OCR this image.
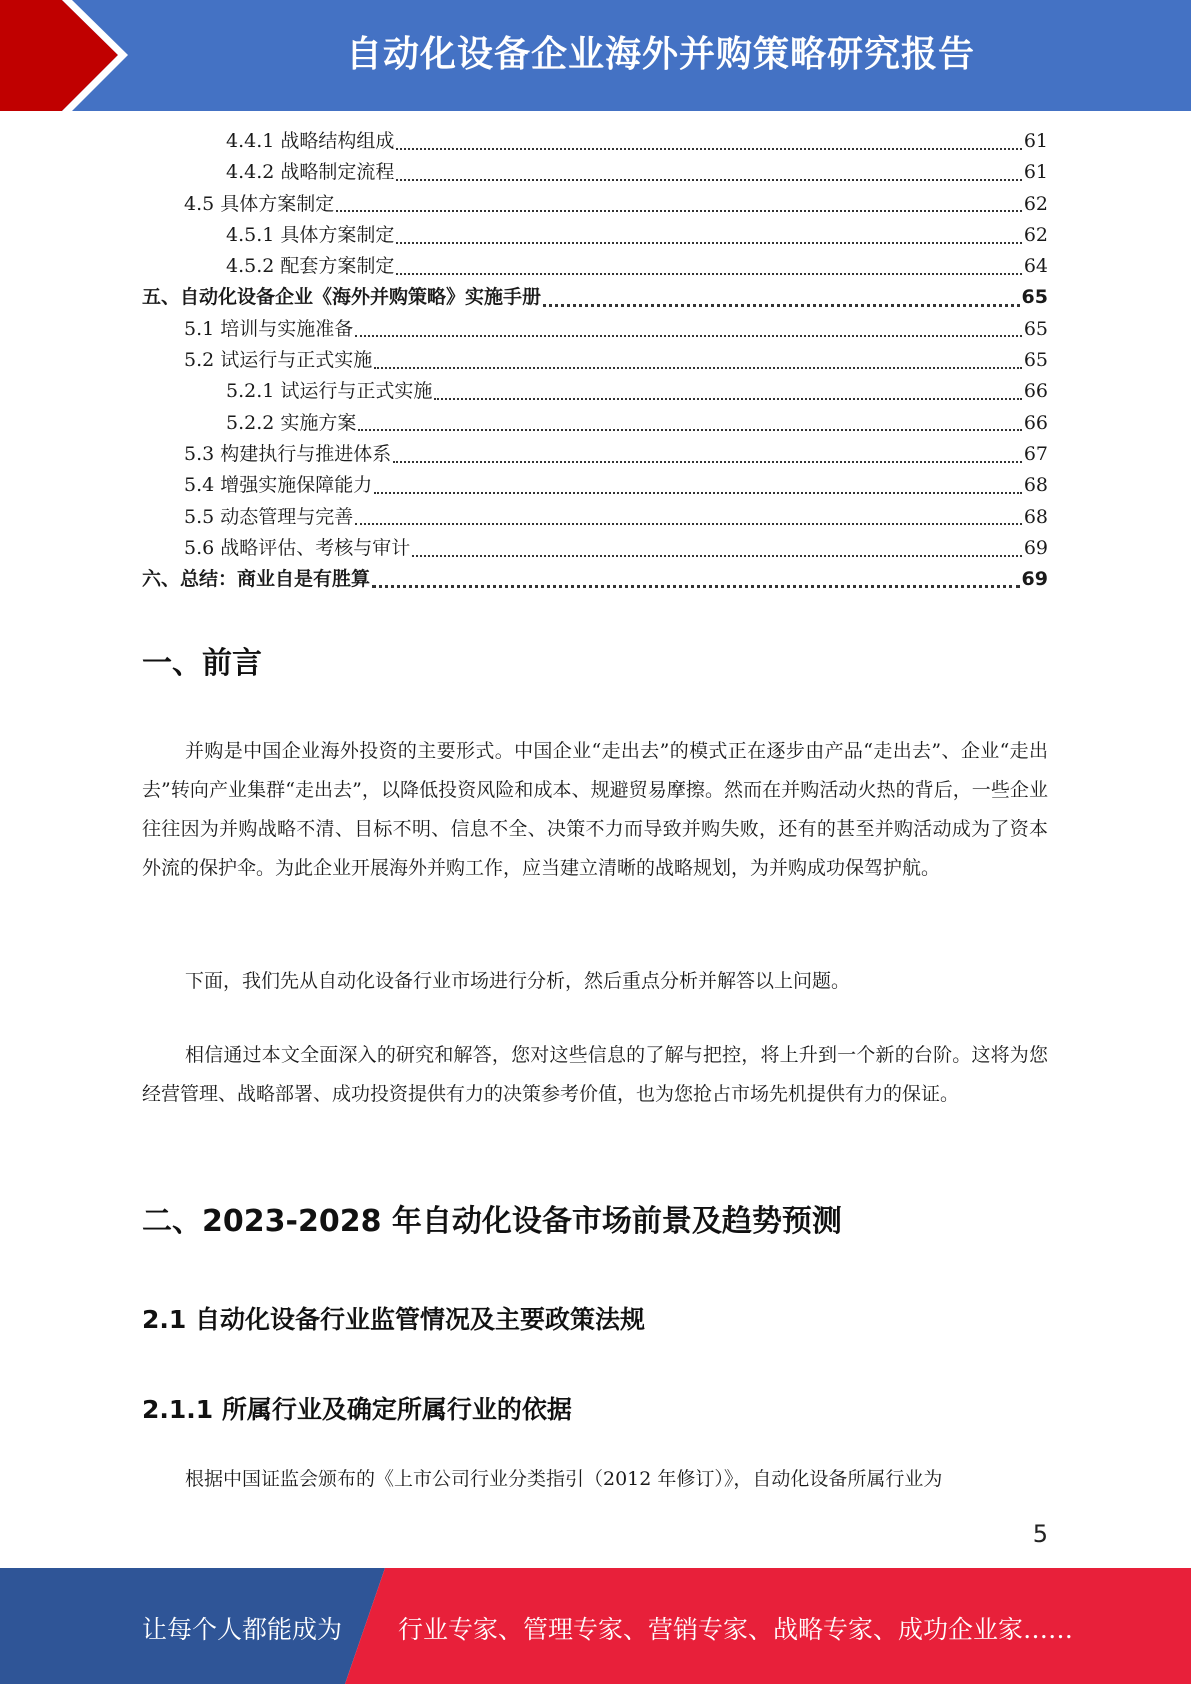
自动化设备企业海外并购策略研究报告
4.4.1 战略结构组成	61
4.4.2 战略制定流程	61
4.5 具体方案制定	62
4.5.1 具体方案制定	62
4.5.2 配套方案制定	64
五、自动化设备企业《海外并购策略》实施手册	65
5.1 培训与实施准备	65
5.2 试运行与正式实施	65
5.2.1 试运行与正式实施	66
5.2.2 实施方案	66
5.3 构建执行与推进体系	67
5.4 增强实施保障能力	68
5.5 动态管理与完善	68
5.6 战略评估、考核与审计	69
六、总结：商业自是有胜算	69
一、前言
并购是中国企业海外投资的主要形式。中国企业“走出去”的模式正在逐步由产品“走出去”、企业“走出去”转向产业集群“走出去”，以降低投资风险和成本、规避贸易摩擦。然而在并购活动火热的背后，一些企业往往因为并购战略不清、目标不明、信息不全、决策不力而导致并购失败，还有的甚至并购活动成为了资本外流的保护伞。为此企业开展海外并购工作，应当建立清晰的战略规划，为并购成功保驾护航。
下面，我们先从自动化设备行业市场进行分析，然后重点分析并解答以上问题。
相信通过本文全面深入的研究和解答，您对这些信息的了解与把控，将上升到一个新的台阶。这将为您经营管理、战略部署、成功投资提供有力的决策参考价值，也为您抢占市场先机提供有力的保证。
二、2023-2028 年自动化设备市场前景及趋势预测
2.1 自动化设备行业监管情况及主要政策法规
2.1.1 所属行业及确定所属行业的依据
根据中国证监会颁布的《上市公司行业分类指引（2012 年修订）》，自动化设备所属行业为
5
让每个人都能成为 行业专家、管理专家、营销专家、战略专家、成功企业家……
